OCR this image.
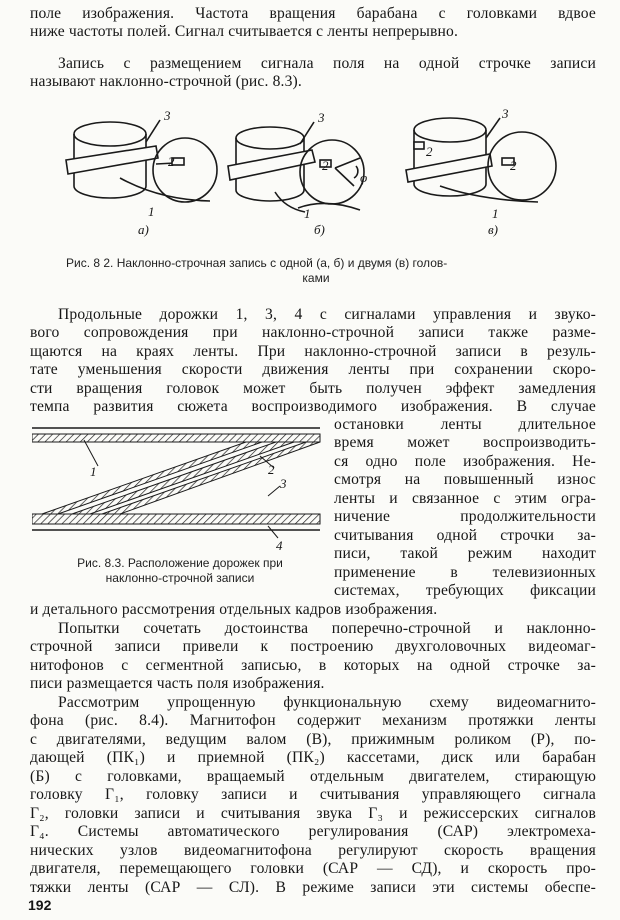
поле изображения. Частота вращения барабана с головками вдвое
ниже частоты полей. Сигнал считывается с ленты непрерывно.
Запись с размещением сигнала поля на одной строчке записи
называют наклонно-строчной (рис. 8.3).
3
2
1
а)
3
2
φ
1
б)
3
2
2
1
в)
Рис. 8 2. Наклонно-строчная запись с одной (а, б) и двумя (в) голов-
ками
Продольные дорожки 1, 3, 4 с сигналами управления и звуко-
вого сопровождения при наклонно-строчной записи также разме-
щаются на краях ленты. При наклонно-строчной записи в резуль-
тате уменьшения скорости движения ленты при сохранении скоро-
сти вращения головок может быть получен эффект замедления
темпа развития сюжета воспроизводимого изображения. В случае
1	2
3
4
Рис. 8.3. Расположение дорожек при
наклонно-строчной записи
остановки ленты длительное
время может воспроизводить-
ся одно поле изображения. Не-
смотря на повышенный износ
ленты и связанное с этим огра-
ничение продолжительности
считывания одной строчки за-
писи, такой режим находит
применение в телевизионных
системах, требующих фиксации
и детального рассмотрения отдельных кадров изображения.
Попытки сочетать достоинства поперечно-строчной и наклонно-
строчной записи привели к построению двухголовочных видеомаг-
нитофонов с сегментной записью, в которых на одной строчке за-
писи размещается часть поля изображения.
Рассмотрим упрощенную функциональную схему видеомагнито-
фона (рис. 8.4). Магнитофон содержит механизм протяжки ленты
с двигателями, ведущим валом (В), прижимным роликом (Р), по-
дающей (ПК₁) и приемной (ПК₂) кассетами, диск или барабан
(Б) с головками, вращаемый отдельным двигателем, стирающую
головку Г₁, головку записи и считывания управляющего сигнала
Г₂, головки записи и считывания звука Г₃ и режиссерских сигналов
Г₄. Системы автоматического регулирования (САР) электромеха-
нических узлов видеомагнитофона регулируют скорость вращения
двигателя, перемещающего головки (САР — СД), и скорость про-
тяжки ленты (САР — СЛ). В режиме записи эти системы обеспе-
192
